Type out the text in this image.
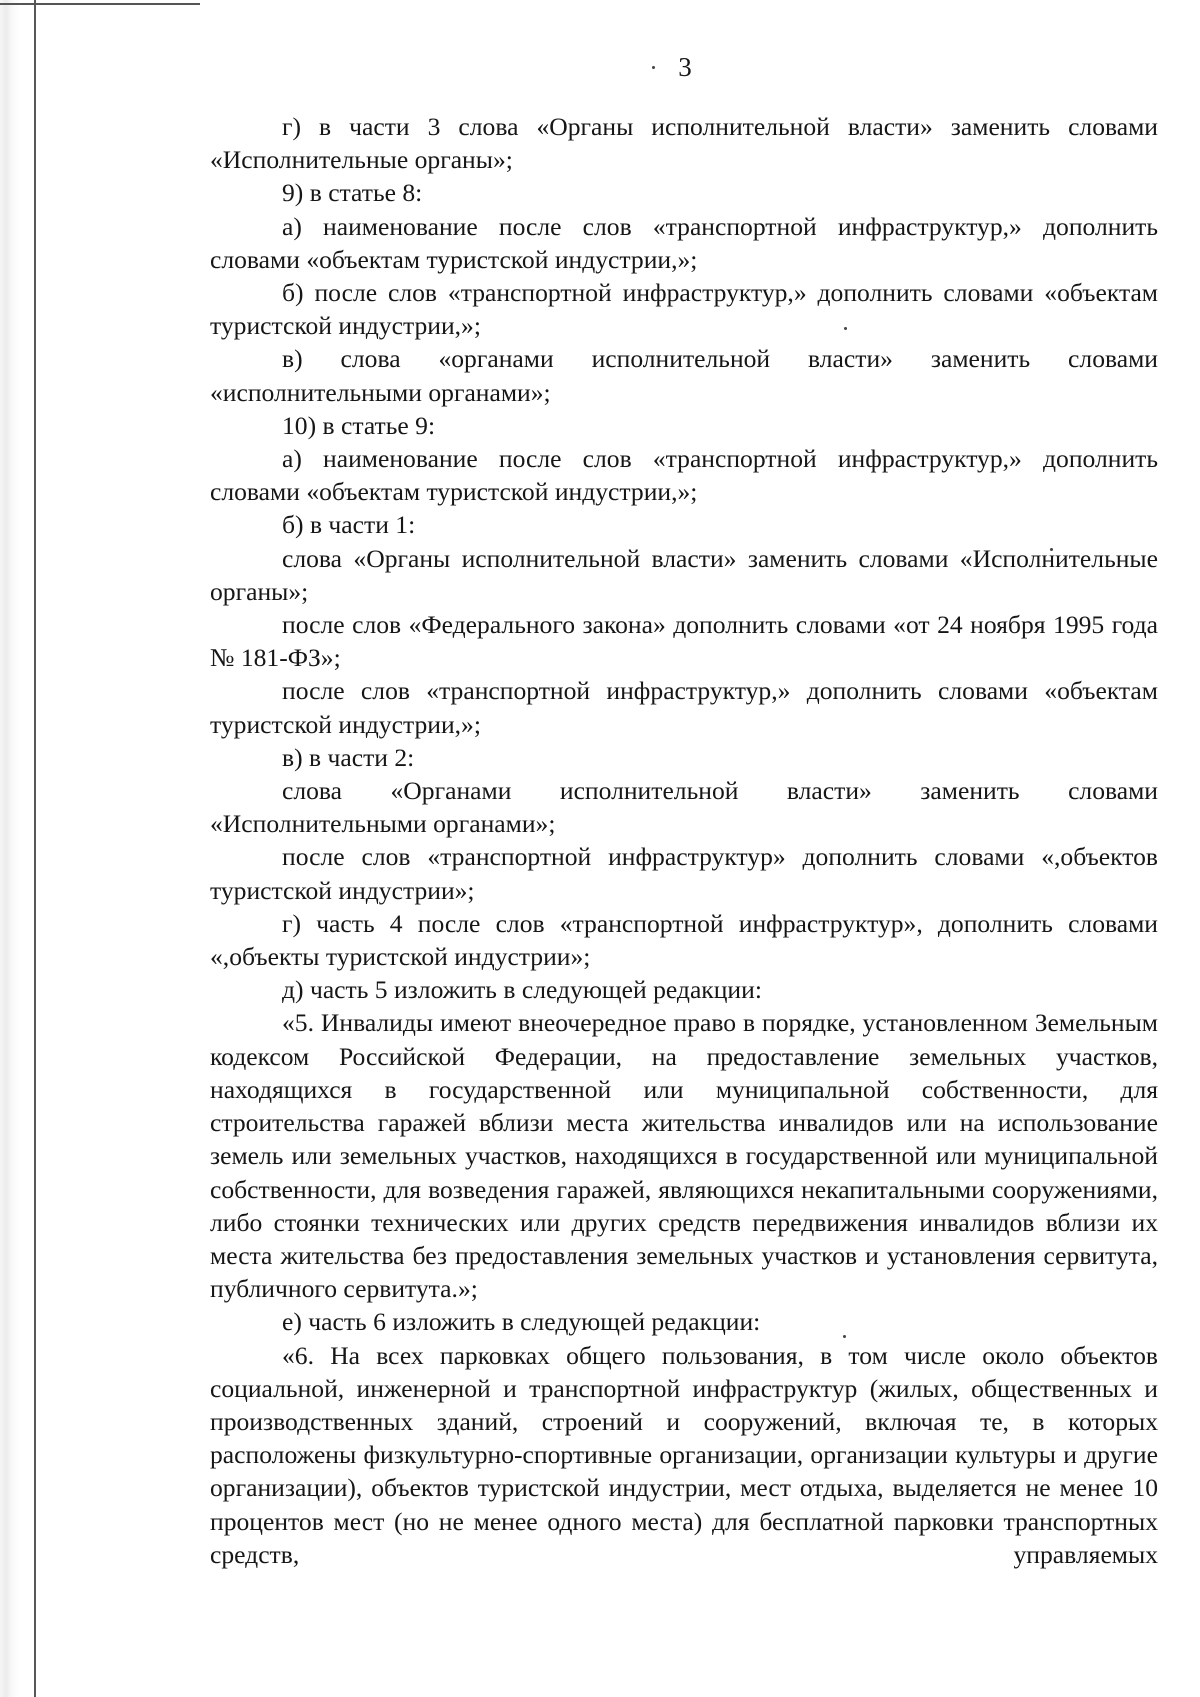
3

г) в части 3 слова «Органы исполнительной власти» заменить словами «Исполнительные органы»;

9) в статье 8:

а) наименование после слов «транспортной инфраструктур,» дополнить словами «объектам туристской индустрии,»;

б) после слов «транспортной инфраструктур,» дополнить словами «объектам туристской индустрии,»;

в) слова «органами исполнительной власти» заменить словами «исполнительными органами»;

10) в статье 9:

а) наименование после слов «транспортной инфраструктур,» дополнить словами «объектам туристской индустрии,»;

б) в части 1:

слова «Органы исполнительной власти» заменить словами «Исполнительные органы»;

после слов «Федерального закона» дополнить словами «от 24 ноября 1995 года № 181-ФЗ»;

после слов «транспортной инфраструктур,» дополнить словами «объектам туристской индустрии,»;

в) в части 2:

слова «Органами исполнительной власти» заменить словами «Исполнительными органами»;

после слов «транспортной инфраструктур» дополнить словами «,объектов туристской индустрии»;

г) часть 4 после слов «транспортной инфраструктур», дополнить словами «,объекты туристской индустрии»;

д) часть 5 изложить в следующей редакции:

«5. Инвалиды имеют внеочередное право в порядке, установленном Земельным кодексом Российской Федерации, на предоставление земельных участков, находящихся в государственной или муниципальной собственности, для строительства гаражей вблизи места жительства инвалидов или на использование земель или земельных участков, находящихся в государственной или муниципальной собственности, для возведения гаражей, являющихся некапитальными сооружениями, либо стоянки технических или других средств передвижения инвалидов вблизи их места жительства без предоставления земельных участков и установления сервитута, публичного сервитута.»;

е) часть 6 изложить в следующей редакции:

«6. На всех парковках общего пользования, в том числе около объектов социальной, инженерной и транспортной инфраструктур (жилых, общественных и производственных зданий, строений и сооружений, включая те, в которых расположены физкультурно-спортивные организации, организации культуры и другие организации), объектов туристской индустрии, мест отдыха, выделяется не менее 10 процентов мест (но не менее одного места) для бесплатной парковки транспортных средств, управляемых
